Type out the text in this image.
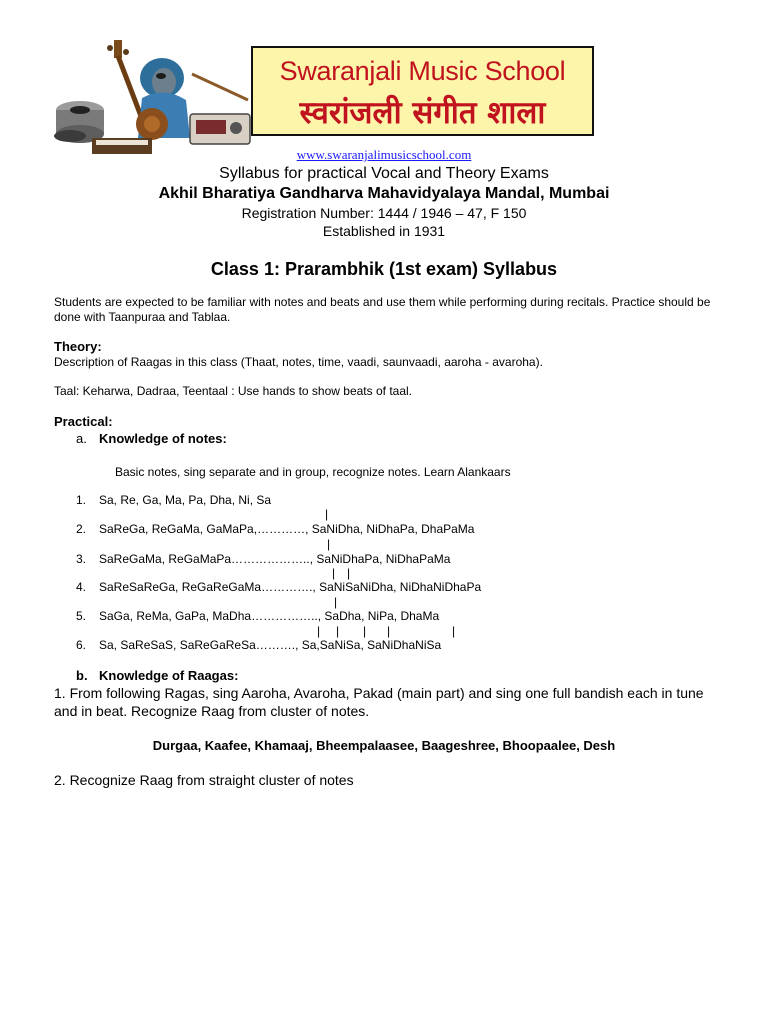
Swaranjali Music School
स्वरांजली संगीत शाला
www.swaranjalimusicschool.com
Syllabus for practical Vocal and Theory Exams
Akhil Bharatiya Gandharva Mahavidyalaya Mandal, Mumbai
Registration Number: 1444 / 1946 – 47, F 150
Established in 1931
Class 1: Prarambhik (1st exam) Syllabus
Students are expected to be familiar with notes and beats and use them while performing during recitals. Practice should be done with Taanpuraa and Tablaa.
Theory:
Description of Raagas in this class (Thaat, notes, time, vaadi, saunvaadi, aaroha - avaroha).
Taal: Keharwa, Dadraa, Teentaal : Use hands to show beats of taal.
Practical:
a. Knowledge of notes:
Basic notes, sing separate and in group, recognize notes. Learn Alankaars
1. Sa, Re, Ga, Ma, Pa, Dha, Ni, Sa
|
2. SaReGa, ReGaMa, GaMaPa,…………, SaNiDha, NiDhaPa, DhaPaMa
|
3. SaReGaMa, ReGaMaPa……………….., SaNiDhaPa, NiDhaPaMa
| |
4. SaReSaReGa, ReGaReGaMa…………., SaNiSaNiDha, NiDhaNiDhaPa
|
5. SaGa, ReMa, GaPa, MaDha…………….., SaDha, NiPa, DhaMa
| | | |	|
6. Sa, SaReSaS, SaReGaReSa………., Sa,SaNiSa, SaNiDhaNiSa
b. Knowledge of Raagas:
1. From following Ragas, sing Aaroha, Avaroha, Pakad (main part) and sing one full bandish each in tune and in beat. Recognize Raag from cluster of notes.
Durgaa, Kaafee, Khamaaj, Bheempalaasee, Baageshree, Bhoopaalee, Desh
2. Recognize Raag from straight cluster of notes
